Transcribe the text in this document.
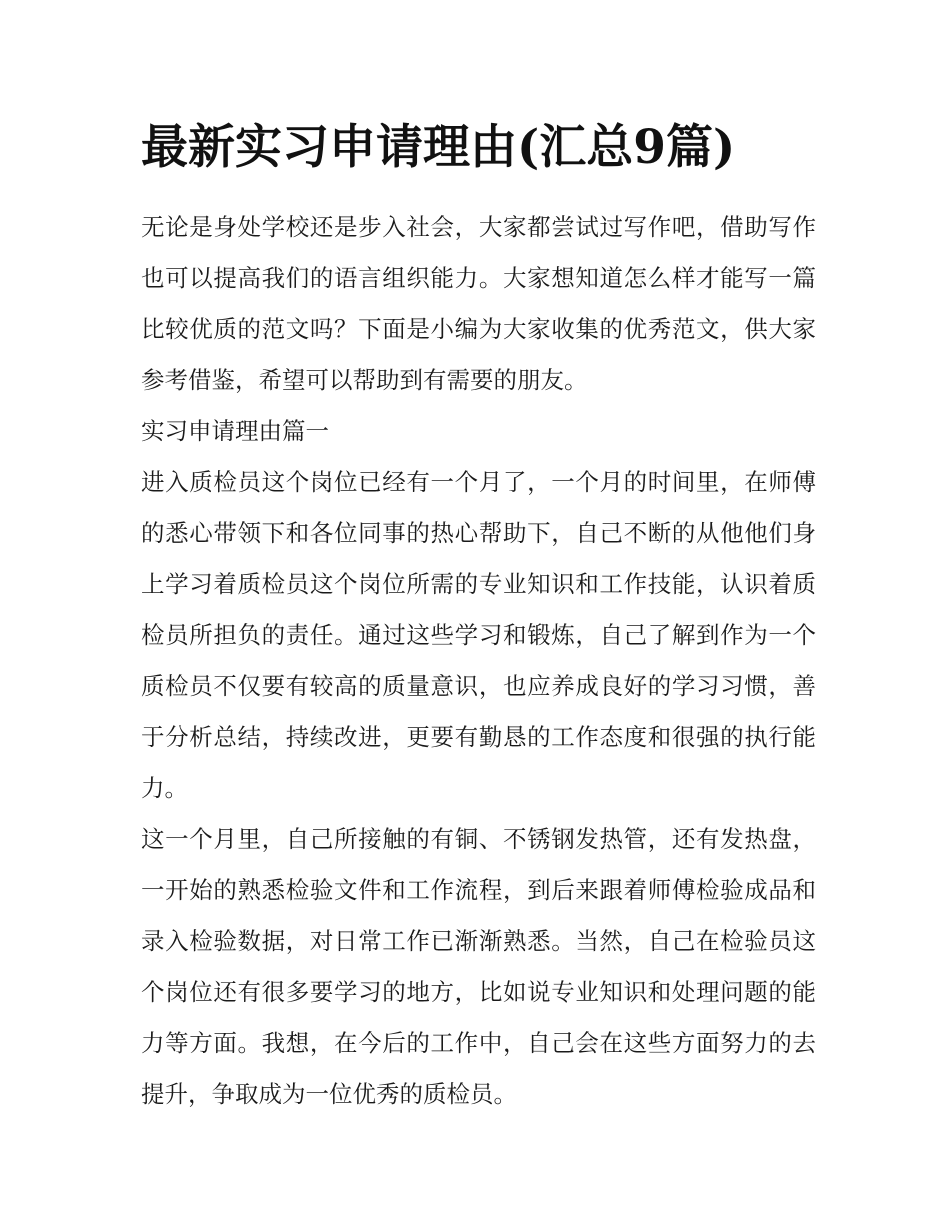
最新实习申请理由(汇总9篇)

无论是身处学校还是步入社会，大家都尝试过写作吧，借助写作也可以提高我们的语言组织能力。大家想知道怎么样才能写一篇比较优质的范文吗？下面是小编为大家收集的优秀范文，供大家参考借鉴，希望可以帮助到有需要的朋友。

实习申请理由篇一

进入质检员这个岗位已经有一个月了，一个月的时间里，在师傅的悉心带领下和各位同事的热心帮助下，自己不断的从他他们身上学习着质检员这个岗位所需的专业知识和工作技能，认识着质检员所担负的责任。通过这些学习和锻炼，自己了解到作为一个质检员不仅要有较高的质量意识，也应养成良好的学习习惯，善于分析总结，持续改进，更要有勤恳的工作态度和很强的执行能力。

这一个月里，自己所接触的有铜、不锈钢发热管，还有发热盘，一开始的熟悉检验文件和工作流程，到后来跟着师傅检验成品和录入检验数据，对日常工作已渐渐熟悉。当然，自己在检验员这个岗位还有很多要学习的地方，比如说专业知识和处理问题的能力等方面。我想，在今后的工作中，自己会在这些方面努力的去提升，争取成为一位优秀的质检员。
